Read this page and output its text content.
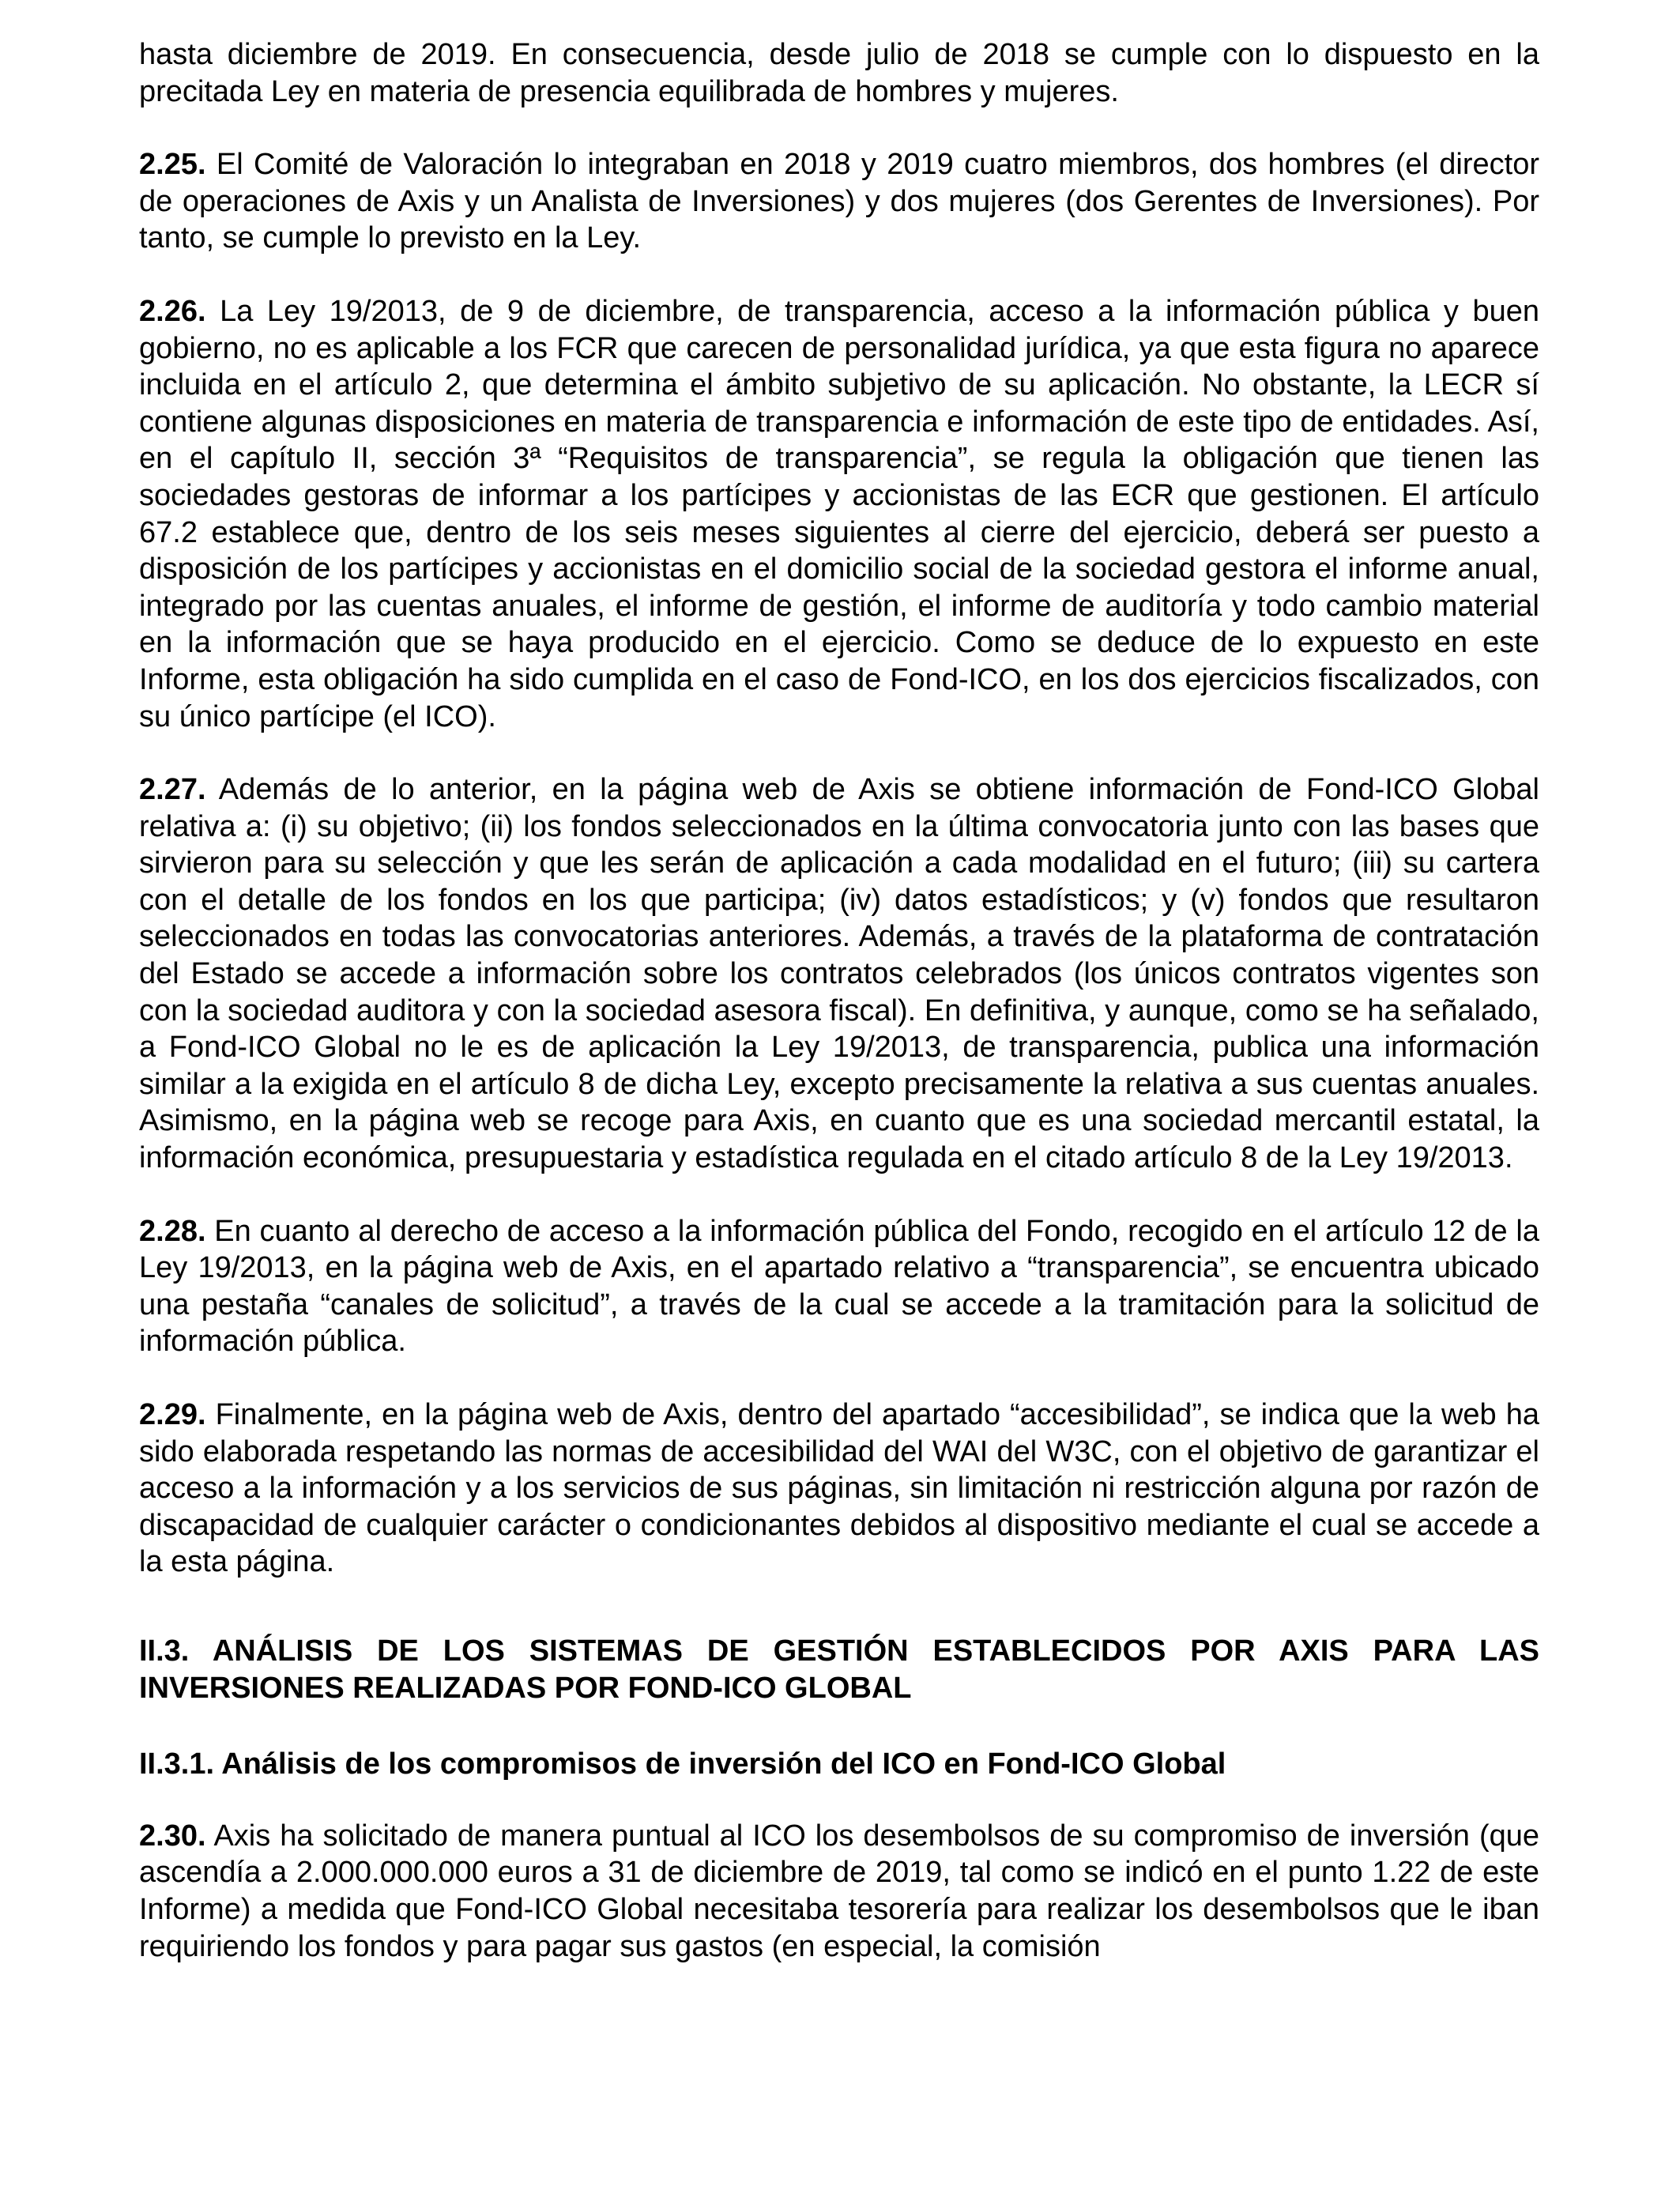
hasta diciembre de 2019. En consecuencia, desde julio de 2018 se cumple con lo dispuesto en la precitada Ley en materia de presencia equilibrada de hombres y mujeres.

2.25. El Comité de Valoración lo integraban en 2018 y 2019 cuatro miembros, dos hombres (el director de operaciones de Axis y un Analista de Inversiones) y dos mujeres (dos Gerentes de Inversiones). Por tanto, se cumple lo previsto en la Ley.

2.26. La Ley 19/2013, de 9 de diciembre, de transparencia, acceso a la información pública y buen gobierno, no es aplicable a los FCR que carecen de personalidad jurídica, ya que esta figura no aparece incluida en el artículo 2, que determina el ámbito subjetivo de su aplicación. No obstante, la LECR sí contiene algunas disposiciones en materia de transparencia e información de este tipo de entidades. Así, en el capítulo II, sección 3ª “Requisitos de transparencia”, se regula la obligación que tienen las sociedades gestoras de informar a los partícipes y accionistas de las ECR que gestionen. El artículo 67.2 establece que, dentro de los seis meses siguientes al cierre del ejercicio, deberá ser puesto a disposición de los partícipes y accionistas en el domicilio social de la sociedad gestora el informe anual, integrado por las cuentas anuales, el informe de gestión, el informe de auditoría y todo cambio material en la información que se haya producido en el ejercicio. Como se deduce de lo expuesto en este Informe, esta obligación ha sido cumplida en el caso de Fond-ICO, en los dos ejercicios fiscalizados, con su único partícipe (el ICO).

2.27. Además de lo anterior, en la página web de Axis se obtiene información de Fond-ICO Global relativa a: (i) su objetivo; (ii) los fondos seleccionados en la última convocatoria junto con las bases que sirvieron para su selección y que les serán de aplicación a cada modalidad en el futuro; (iii) su cartera con el detalle de los fondos en los que participa; (iv) datos estadísticos; y (v) fondos que resultaron seleccionados en todas las convocatorias anteriores. Además, a través de la plataforma de contratación del Estado se accede a información sobre los contratos celebrados (los únicos contratos vigentes son con la sociedad auditora y con la sociedad asesora fiscal). En definitiva, y aunque, como se ha señalado, a Fond-ICO Global no le es de aplicación la Ley 19/2013, de transparencia, publica una información similar a la exigida en el artículo 8 de dicha Ley, excepto precisamente la relativa a sus cuentas anuales. Asimismo, en la página web se recoge para Axis, en cuanto que es una sociedad mercantil estatal, la información económica, presupuestaria y estadística regulada en el citado artículo 8 de la Ley 19/2013.

2.28. En cuanto al derecho de acceso a la información pública del Fondo, recogido en el artículo 12 de la Ley 19/2013, en la página web de Axis, en el apartado relativo a “transparencia”, se encuentra ubicado una pestaña “canales de solicitud”, a través de la cual se accede a la tramitación para la solicitud de información pública.

2.29. Finalmente, en la página web de Axis, dentro del apartado “accesibilidad”, se indica que la web ha sido elaborada respetando las normas de accesibilidad del WAI del W3C, con el objetivo de garantizar el acceso a la información y a los servicios de sus páginas, sin limitación ni restricción alguna por razón de discapacidad de cualquier carácter o condicionantes debidos al dispositivo mediante el cual se accede a la esta página.

II.3. ANÁLISIS DE LOS SISTEMAS DE GESTIÓN ESTABLECIDOS POR AXIS PARA LAS INVERSIONES REALIZADAS POR FOND-ICO GLOBAL
II.3.1. Análisis de los compromisos de inversión del ICO en Fond-ICO Global

2.30. Axis ha solicitado de manera puntual al ICO los desembolsos de su compromiso de inversión (que ascendía a 2.000.000.000 euros a 31 de diciembre de 2019, tal como se indicó en el punto 1.22 de este Informe) a medida que Fond-ICO Global necesitaba tesorería para realizar los desembolsos que le iban requiriendo los fondos y para pagar sus gastos (en especial, la comisión
